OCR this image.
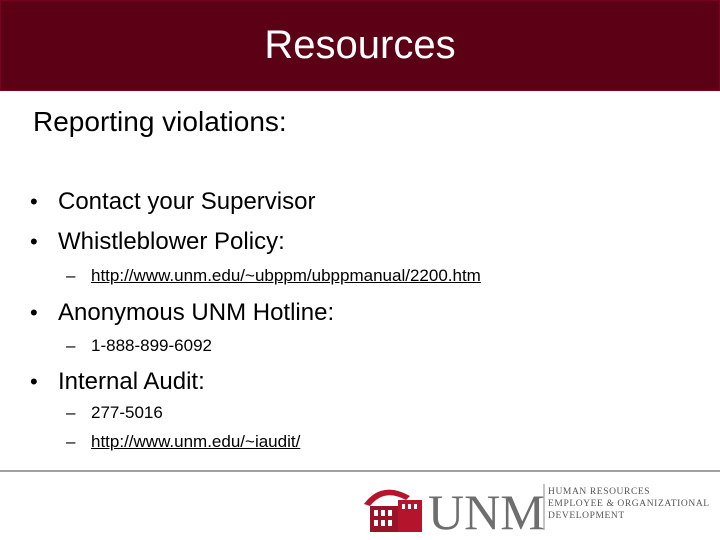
Resources
Reporting violations:
• Contact your Supervisor
• Whistleblower Policy:
– http://www.unm.edu/~ubppm/ubppmanual/2200.htm
• Anonymous UNM Hotline:
– 1-888-899-6092
• Internal Audit:
– 277-5016
– http://www.unm.edu/~iaudit/
UNM HUMAN RESOURCES
EMPLOYEE & ORGANIZATIONAL
DEVELOPMENT
